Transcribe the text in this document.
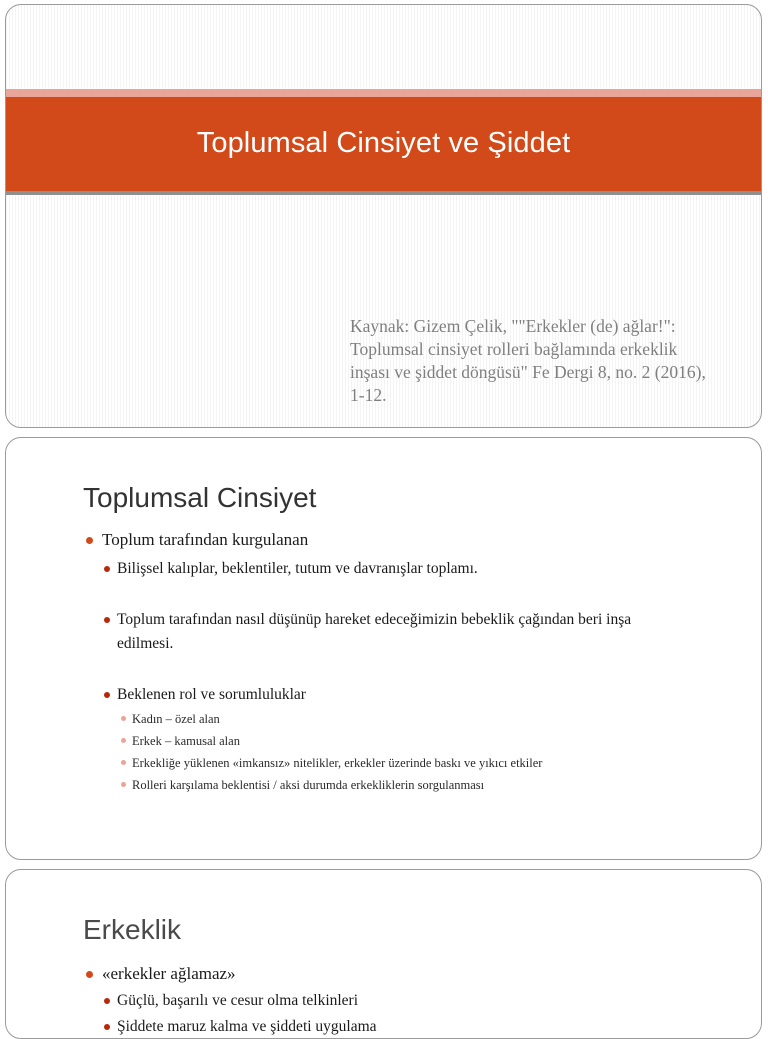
Toplumsal Cinsiyet ve Şiddet
Kaynak: Gizem Çelik, ""Erkekler (de) ağlar!":
Toplumsal cinsiyet rolleri bağlamında erkeklik
inşası ve şiddet döngüsü" Fe Dergi 8, no. 2 (2016),
1-12.
Toplumsal Cinsiyet
Toplum tarafından kurgulanan
Bilişsel kalıplar, beklentiler, tutum ve davranışlar toplamı.
Toplum tarafından nasıl düşünüp hareket edeceğimizin bebeklik çağından beri inşa
edilmesi.
Beklenen rol ve sorumluluklar
Kadın – özel alan
Erkek – kamusal alan
Erkekliğe yüklenen «imkansız» nitelikler, erkekler üzerinde baskı ve yıkıcı etkiler
Rolleri karşılama beklentisi / aksi durumda erkekliklerin sorgulanması
Erkeklik
«erkekler ağlamaz»
Güçlü, başarılı ve cesur olma telkinleri
Şiddete maruz kalma ve şiddeti uygulama
